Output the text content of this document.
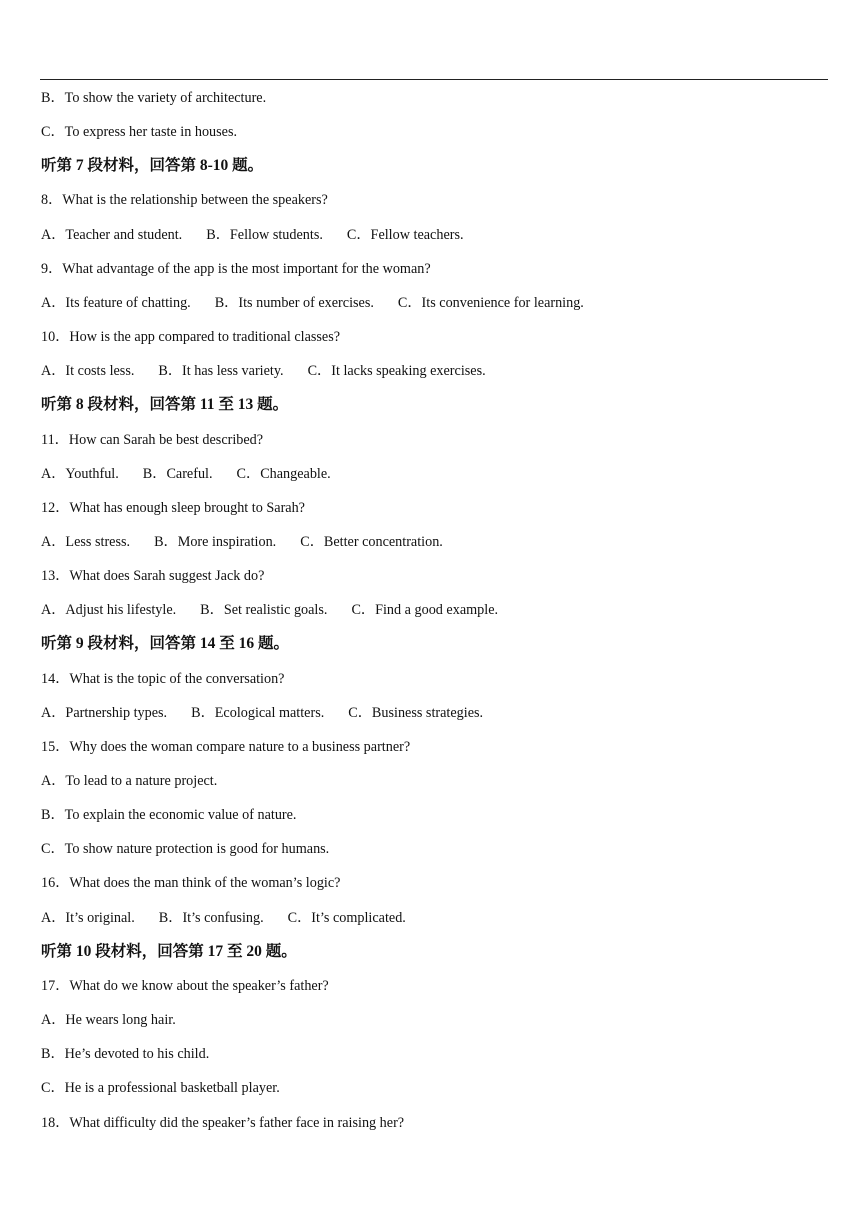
B．To show the variety of architecture.
C．To express her taste in houses.
听第 7 段材料，回答第 8-10 题。
8．What is the relationship between the speakers?
A．Teacher and student. B．Fellow students. C．Fellow teachers.
9．What advantage of the app is the most important for the woman?
A．Its feature of chatting. B．Its number of exercises. C．Its convenience for learning.
10．How is the app compared to traditional classes?
A．It costs less. B．It has less variety. C．It lacks speaking exercises.
听第 8 段材料，回答第 11 至 13 题。
11．How can Sarah be best described?
A．Youthful. B．Careful. C．Changeable.
12．What has enough sleep brought to Sarah?
A．Less stress. B．More inspiration. C．Better concentration.
13．What does Sarah suggest Jack do?
A．Adjust his lifestyle. B．Set realistic goals. C．Find a good example.
听第 9 段材料，回答第 14 至 16 题。
14．What is the topic of the conversation?
A．Partnership types. B．Ecological matters. C．Business strategies.
15．Why does the woman compare nature to a business partner?
A．To lead to a nature project.
B．To explain the economic value of nature.
C．To show nature protection is good for humans.
16．What does the man think of the woman’s logic?
A．It’s original. B．It’s confusing. C．It’s complicated.
听第 10 段材料，回答第 17 至 20 题。
17．What do we know about the speaker’s father?
A．He wears long hair.
B．He’s devoted to his child.
C．He is a professional basketball player.
18．What difficulty did the speaker’s father face in raising her?
